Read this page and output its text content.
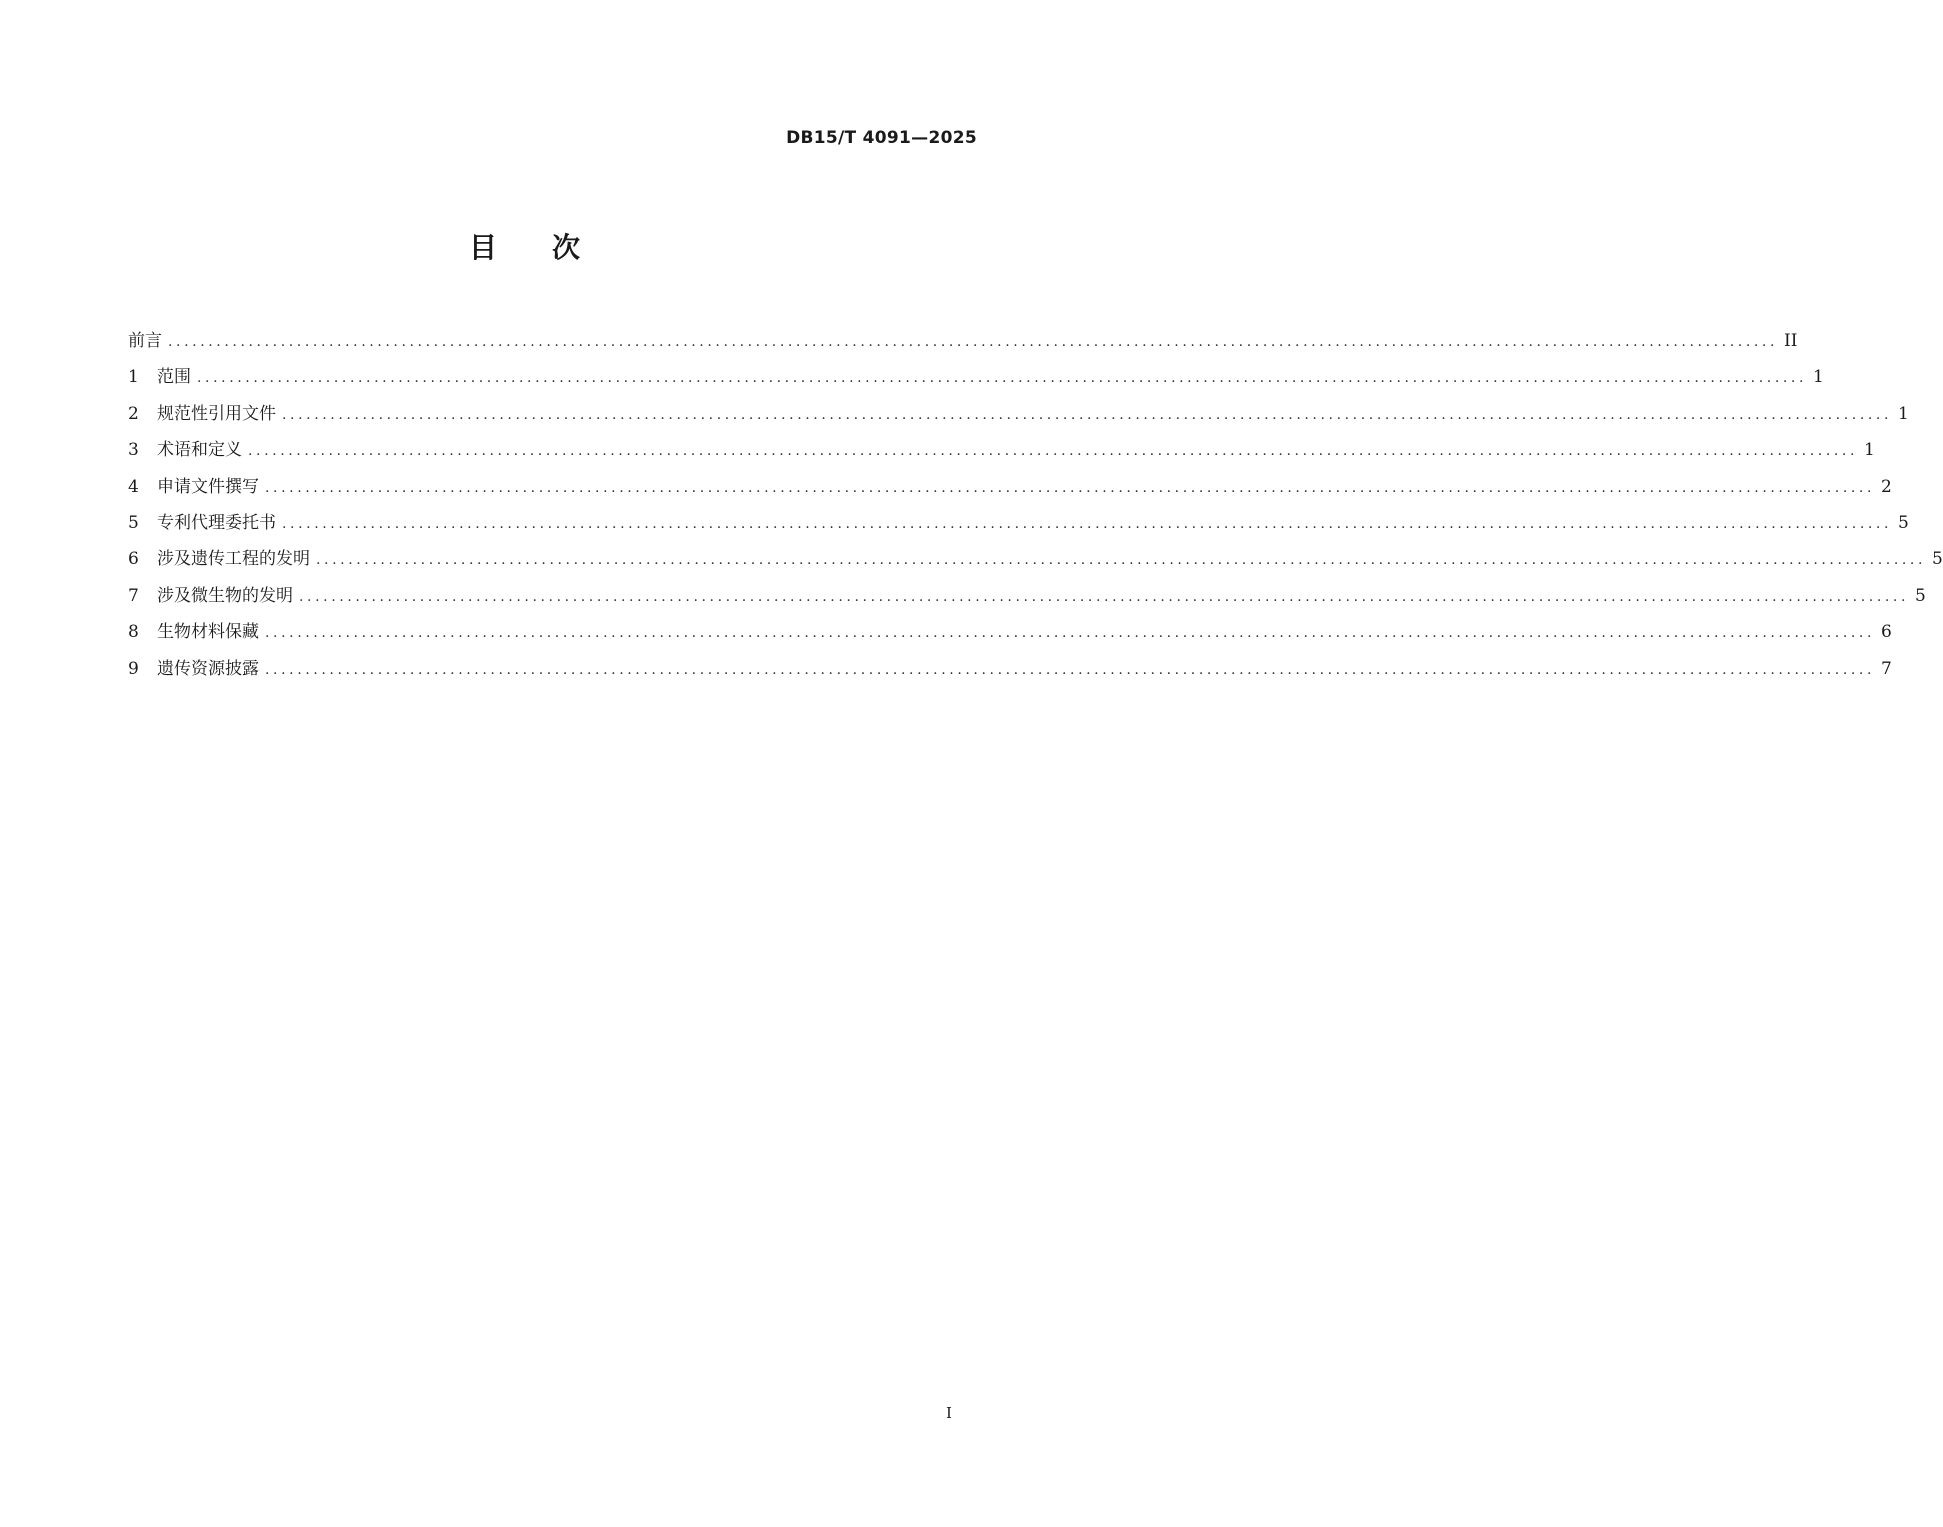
DB15/T 4091—2025
目次
前言 ........................................................................................................................................................................................................ II
1	范围 ........................................................................................................................................................................................................ 1
2	规范性引用文件 ........................................................................................................................................................................................................ 1
3	术语和定义 ........................................................................................................................................................................................................ 1
4	申请文件撰写 ........................................................................................................................................................................................................ 2
5	专利代理委托书 ........................................................................................................................................................................................................ 5
6	涉及遗传工程的发明 ........................................................................................................................................................................................................ 5
7	涉及微生物的发明 ........................................................................................................................................................................................................ 5
8	生物材料保藏 ........................................................................................................................................................................................................ 6
9	遗传资源披露 ........................................................................................................................................................................................................ 7
I
